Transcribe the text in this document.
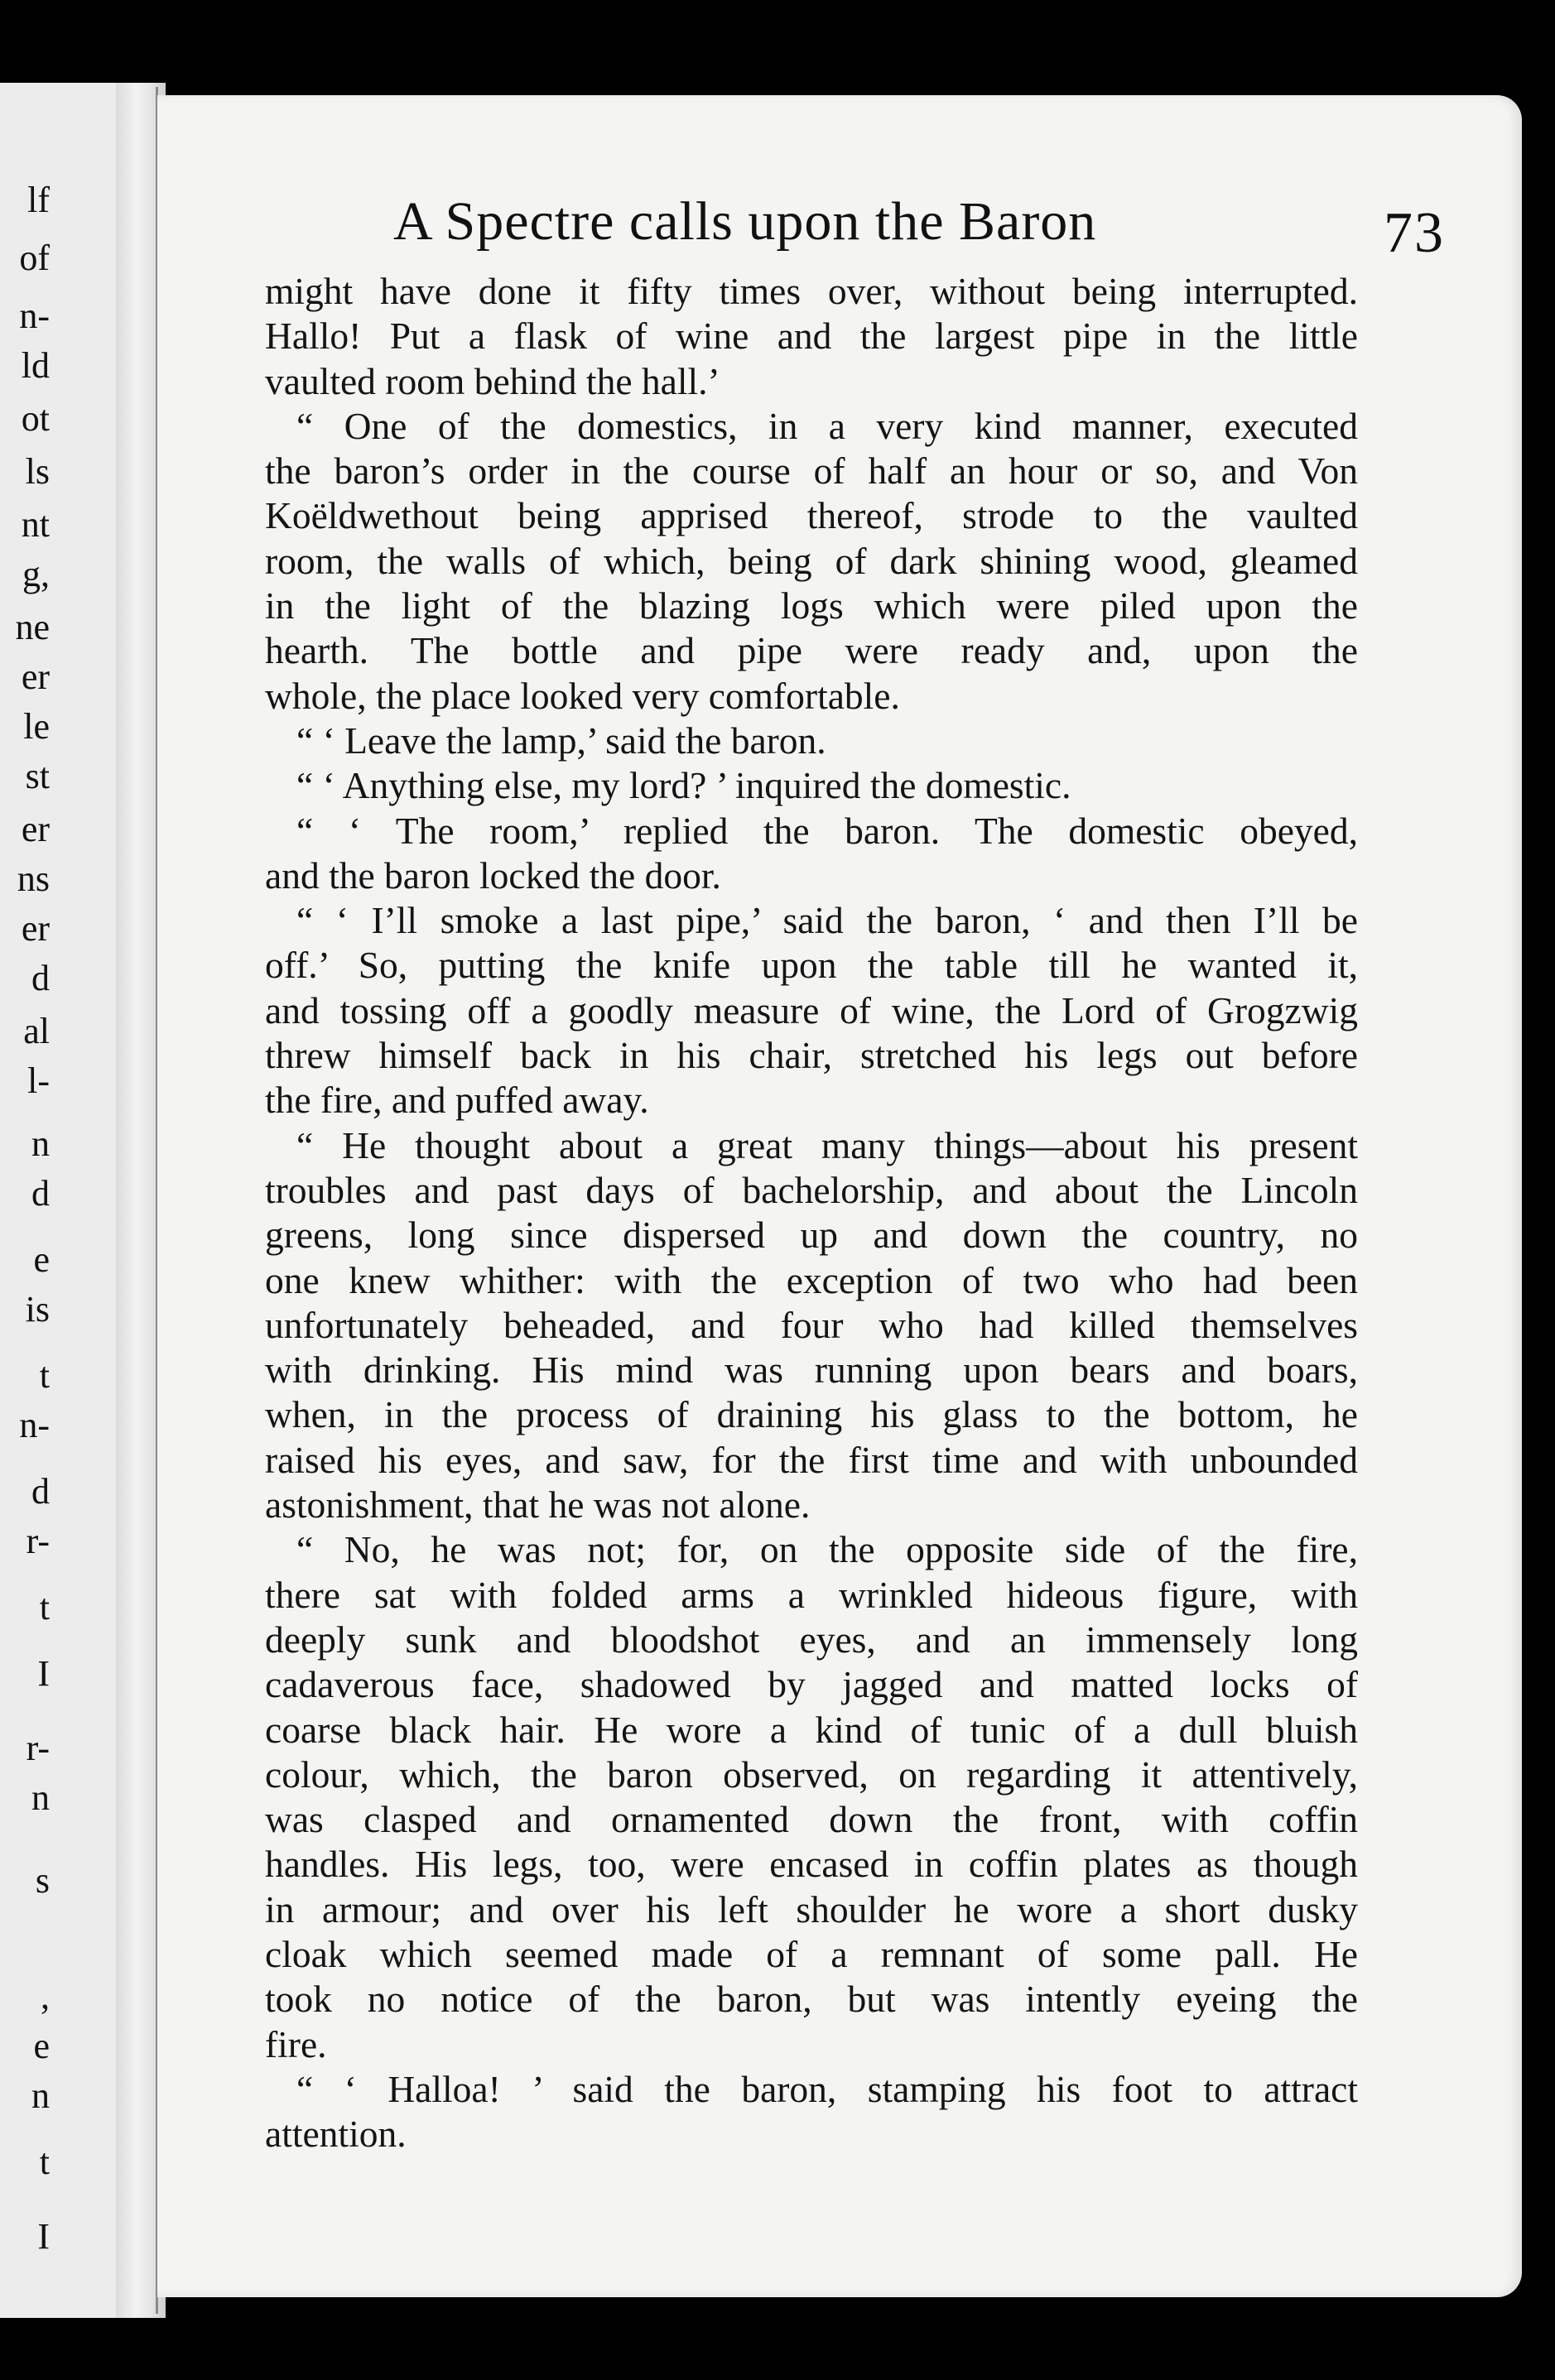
lf
of
n-
ld
ot
ls
nt
g,
ne
er
le
st
er
ns
er
d
al
l-
n
d
e
is
t
n-
d
r-
t
I
r-
n
s
,
e
n
t
I
A Spectre calls upon the Baron	73
might have done it fifty times over, without being interrupted.
Hallo! Put a flask of wine and the largest pipe in the little
vaulted room behind the hall.’
“ One of the domestics, in a very kind manner, executed
the baron’s order in the course of half an hour or so, and Von
Koëldwethout being apprised thereof, strode to the vaulted
room, the walls of which, being of dark shining wood, gleamed
in the light of the blazing logs which were piled upon the
hearth. The bottle and pipe were ready and, upon the
whole, the place looked very comfortable.
“ ‘ Leave the lamp,’ said the baron.
“ ‘ Anything else, my lord? ’ inquired the domestic.
“ ‘ The room,’ replied the baron. The domestic obeyed,
and the baron locked the door.
“ ‘ I’ll smoke a last pipe,’ said the baron, ‘ and then I’ll be
off.’ So, putting the knife upon the table till he wanted it,
and tossing off a goodly measure of wine, the Lord of Grogzwig
threw himself back in his chair, stretched his legs out before
the fire, and puffed away.
“ He thought about a great many things—about his present
troubles and past days of bachelorship, and about the Lincoln
greens, long since dispersed up and down the country, no
one knew whither: with the exception of two who had been
unfortunately beheaded, and four who had killed themselves
with drinking. His mind was running upon bears and boars,
when, in the process of draining his glass to the bottom, he
raised his eyes, and saw, for the first time and with unbounded
astonishment, that he was not alone.
“ No, he was not; for, on the opposite side of the fire,
there sat with folded arms a wrinkled hideous figure, with
deeply sunk and bloodshot eyes, and an immensely long
cadaverous face, shadowed by jagged and matted locks of
coarse black hair. He wore a kind of tunic of a dull bluish
colour, which, the baron observed, on regarding it attentively,
was clasped and ornamented down the front, with coffin
handles. His legs, too, were encased in coffin plates as though
in armour; and over his left shoulder he wore a short dusky
cloak which seemed made of a remnant of some pall. He
took no notice of the baron, but was intently eyeing the
fire.
“ ‘ Halloa! ’ said the baron, stamping his foot to attract
attention.
